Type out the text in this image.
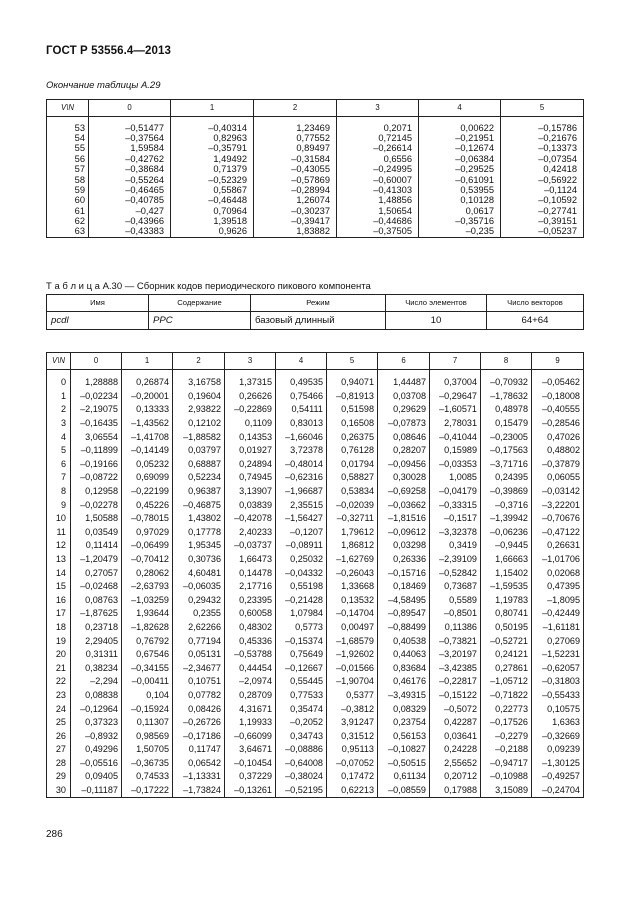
ГОСТ Р 53556.4—2013
Окончание таблицы А.29
V\N	0	1	2	3	4	5

53	–0,51477	–0,40314	1,23469	0,2071	0,00622	–0,15786
54	–0,37564	0,82963	0,77552	0,72145	–0,21951	–0,21676
55	1,59584	–0,35791	0,89497	–0,26614	–0,12674	–0,13373
56	–0,42762	1,49492	–0,31584	0,6556	–0,06384	–0,07354
57	–0,38684	0,71379	–0,43055	–0,24995	–0,29525	0,42418
58	–0,55264	–0,52329	–0,57869	–0,60007	–0,61091	–0,56922
59	–0,46465	0,55867	–0,28994	–0,41303	0,53955	–0,1124
60	–0,40785	–0,46448	1,26074	1,48856	0,10128	–0,10592
61	–0,427	0,70964	–0,30237	1,50654	0,0617	–0,27741
62	–0,43966	1,39518	–0,39417	–0,44686	–0,35716	–0,39151
63	–0,43383	0,9626	1,83882	–0,37505	–0,235	–0,05237
Т а б л и ц а А.30 — Сборник кодов периодического пикового компонента
Имя	Содержание	Режим	Число элементов	Число векторов
pcdl	PPC	базовый длинный	10	64+64
V\N	0	1	2	3	4	5	6	7	8	9

0	1,28888	0,26874	3,16758	1,37315	0,49535	0,94071	1,44487	0,37004	–0,70932	–0,05462
1	–0,02234	–0,20001	0,19604	0,26626	0,75466	–0,81913	0,03708	–0,29647	–1,78632	–0,18008
2	–2,19075	0,13333	2,93822	–0,22869	0,54111	0,51598	0,29629	–1,60571	0,48978	–0,40555
3	–0,16435	–1,43562	0,12102	0,1109	0,83013	0,16508	–0,07873	2,78031	0,15479	–0,28546
4	3,06554	–1,41708	–1,88582	0,14353	–1,66046	0,26375	0,08646	–0,41044	–0,23005	0,47026
5	–0,11899	–0,14149	0,03797	0,01927	3,72378	0,76128	0,28207	0,15989	–0,17563	0,48802
6	–0,19166	0,05232	0,68887	0,24894	–0,48014	0,01794	–0,09456	–0,03353	–3,71716	–0,37879
7	–0,08722	0,69099	0,52234	0,74945	–0,62316	0,58827	0,30028	1,0085	0,24395	0,06055
8	0,12958	–0,22199	0,96387	3,13907	–1,96687	0,53834	–0,69258	–0,04179	–0,39869	–0,03142
9	–0,02278	0,45226	–0,46875	0,03839	2,35515	–0,02039	–0,03662	–0,33315	–0,3716	–3,22201
10	1,50588	–0,78015	1,43802	–0,42078	–1,56427	–0,32711	–1,81516	–0,1517	–1,39942	–0,70676
11	0,03549	0,97029	0,17778	2,40233	–0,1207	1,79612	–0,09612	–3,32378	–0,06236	–0,47122
12	0,11414	–0,06499	1,95345	–0,03737	–0,08911	1,86812	0,03298	0,3419	–0,9445	0,26631
13	–1,20479	–0,70412	0,30736	1,66473	0,25032	–1,62769	0,26336	–2,39109	1,66663	–1,01706
14	0,27057	0,28062	4,60481	0,14478	–0,04332	–0,26043	–0,15716	–0,52842	1,15402	0,02068
15	–0,02468	–2,63793	–0,06035	2,17716	0,55198	1,33668	0,18469	0,73687	–1,59535	0,47395
16	0,08763	–1,03259	0,29432	0,23395	–0,21428	0,13532	–4,58495	0,5589	1,19783	–1,8095
17	–1,87625	1,93644	0,2355	0,60058	1,07984	–0,14704	–0,89547	–0,8501	0,80741	–0,42449
18	0,23718	–1,82628	2,62266	0,48302	0,5773	0,00497	–0,88499	0,11386	0,50195	–1,61181
19	2,29405	0,76792	0,77194	0,45336	–0,15374	–1,68579	0,40538	–0,73821	–0,52721	0,27069
20	0,31311	0,67546	0,05131	–0,53788	0,75649	–1,92602	0,44063	–3,20197	0,24121	–1,52231
21	0,38234	–0,34155	–2,34677	0,44454	–0,12667	–0,01566	0,83684	–3,42385	0,27861	–0,62057
22	–2,294	–0,00411	0,10751	–2,0974	0,55445	–1,90704	0,46176	–0,22817	–1,05712	–0,31803
23	0,08838	0,104	0,07782	0,28709	0,77533	0,5377	–3,49315	–0,15122	–0,71822	–0,55433
24	–0,12964	–0,15924	0,08426	4,31671	0,35474	–0,3812	0,08329	–0,5072	0,22773	0,10575
25	0,37323	0,11307	–0,26726	1,19933	–0,2052	3,91247	0,23754	0,42287	–0,17526	1,6363
26	–0,8932	0,98569	–0,17186	–0,66099	0,34743	0,31512	0,56153	0,03641	–0,2279	–0,32669
27	0,49296	1,50705	0,11747	3,64671	–0,08886	0,95113	–0,10827	0,24228	–0,2188	0,09239
28	–0,05516	–0,36735	0,06542	–0,10454	–0,64008	–0,07052	–0,50515	2,55652	–0,94717	–1,30125
29	0,09405	0,74533	–1,13331	0,37229	–0,38024	0,17472	0,61134	0,20712	–0,10988	–0,49257
30	–0,11187	–0,17222	–1,73824	–0,13261	–0,52195	0,62213	–0,08559	0,17988	3,15089	–0,24704
286
